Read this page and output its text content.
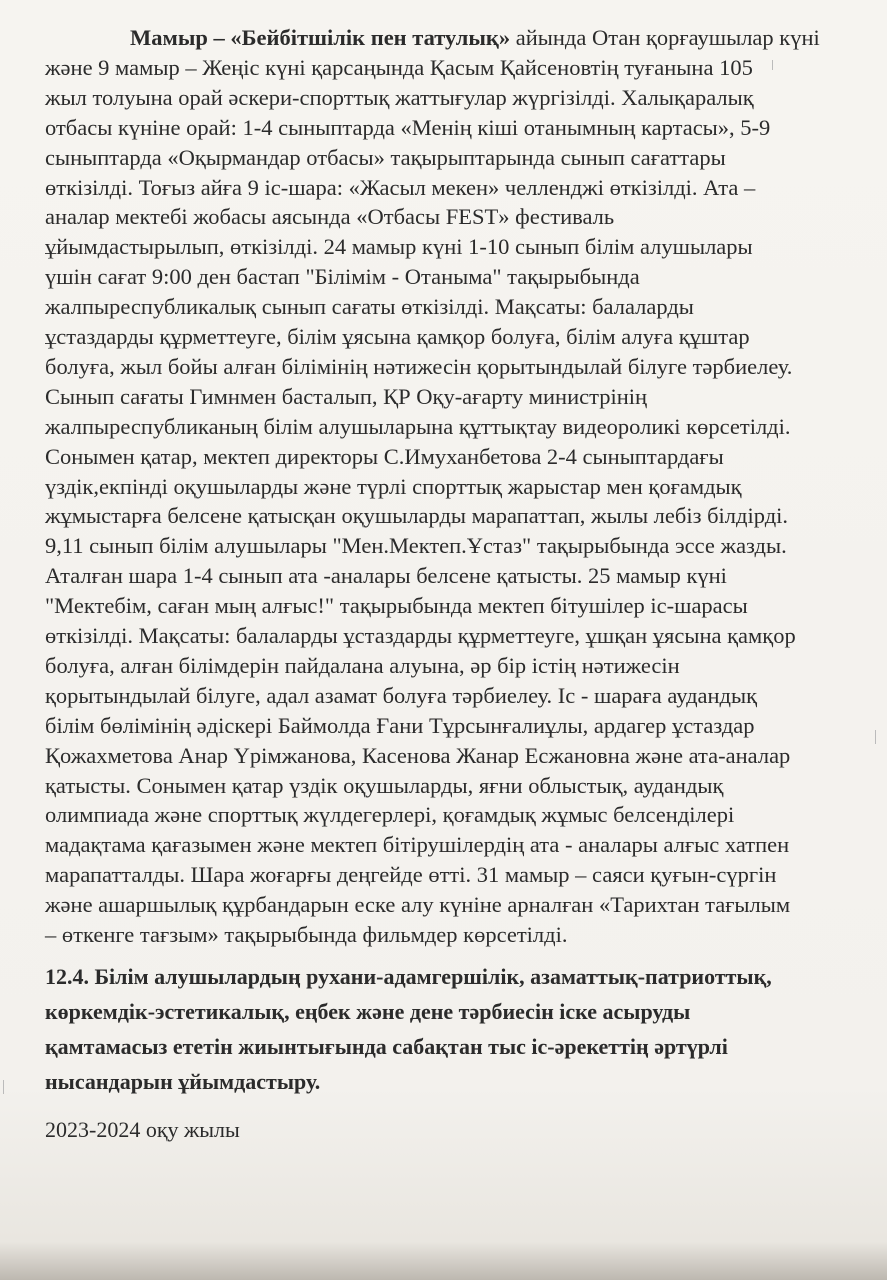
Мамыр – «Бейбітшілік пен татулық» айында Отан қорғаушылар күні
және 9 мамыр – Жеңіс күні қарсаңында Қасым Қайсеновтің туғанына 105
жыл толуына орай әскери-спорттық жаттығулар жүргізілді. Халықаралық
отбасы күніне орай: 1-4 сыныптарда «Менің кіші отанымның картасы», 5-9
сыныптарда «Оқырмандар отбасы» тақырыптарында сынып сағаттары
өткізілді. Тоғыз айға 9 іс-шара: «Жасыл мекен» челленджі өткізілді. Ата –
аналар мектебі жобасы аясында «Отбасы FEST» фестиваль
ұйымдастырылып, өткізілді. 24 мамыр күні 1-10 сынып білім алушылары
үшін сағат 9:00 ден бастап "Білімім - Отаныма" тақырыбында
жалпыреспубликалық сынып сағаты өткізілді. Мақсаты: балаларды
ұстаздарды құрметтеуге, білім ұясына қамқор болуға, білім алуға құштар
болуға, жыл бойы алған білімінің нәтижесін қорытындылай білуге тәрбиелеу.
Сынып сағаты Гимнмен басталып, ҚР Оқу-ағарту министрінің
жалпыреспубликаның білім алушыларына құттықтау видеороликі көрсетілді.
Сонымен қатар, мектеп директоры С.Имуханбетова 2-4 сыныптардағы
үздік,екпінді оқушыларды және түрлі спорттық жарыстар мен қоғамдық
жұмыстарға белсене қатысқан оқушыларды марапаттап, жылы лебіз білдірді.
9,11 сынып білім алушылары "Мен.Мектеп.Ұстаз" тақырыбында эссе жазды.
Аталған шара 1-4 сынып ата -аналары белсене қатысты. 25 мамыр күні
"Мектебім, саған мың алғыс!" тақырыбында мектеп бітушілер іс-шарасы
өткізілді. Мақсаты: балаларды ұстаздарды құрметтеуге, ұшқан ұясына қамқор
болуға, алған білімдерін пайдалана алуына, әр бір істің нәтижесін
қорытындылай білуге, адал азамат болуға тәрбиелеу. Іс - шараға аудандық
білім бөлімінің әдіскері Баймолда Ғани Тұрсынғалиұлы, ардагер ұстаздар
Қожахметова Анар Үрімжанова, Касенова Жанар Есжановна және ата-аналар
қатысты. Сонымен қатар үздік оқушыларды, яғни облыстық, аудандық
олимпиада және спорттық жүлдегерлері, қоғамдық жұмыс белсенділері
мадақтама қағазымен және мектеп бітірушілердің ата - аналары алғыс хатпен
марапатталды. Шара жоғарғы деңгейде өтті. 31 мамыр – саяси қуғын-сүргін
және ашаршылық құрбандарын еске алу күніне арналған «Тарихтан тағылым
– өткенге тағзым» тақырыбында фильмдер көрсетілді.
12.4. Білім алушылардың рухани-адамгершілік, азаматтық-патриоттық,
көркемдік-эстетикалық, еңбек және дене тәрбиесін іске асыруды
қамтамасыз ететін жиынтығында сабақтан тыс іс-әрекеттің әртүрлі
нысандарын ұйымдастыру.
2023-2024 оқу жылы
